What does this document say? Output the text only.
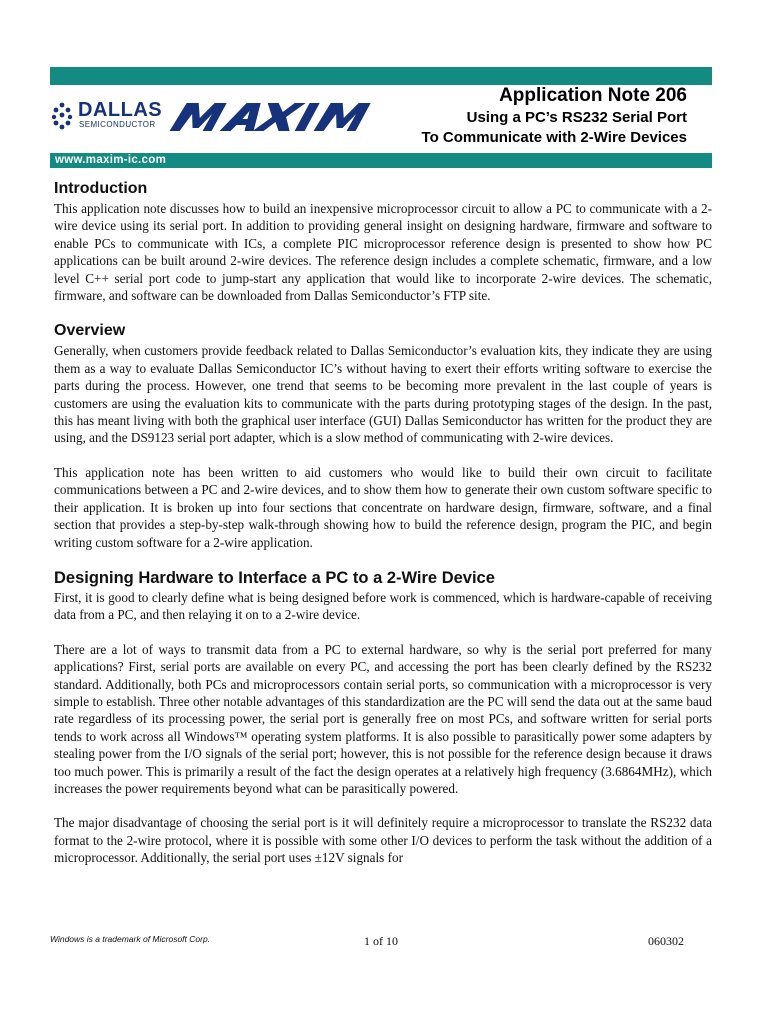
DALLAS
SEMICONDUCTOR
Application Note 206
Using a PC’s RS232 Serial Port
To Communicate with 2-Wire Devices
www.maxim-ic.com
Introduction

This application note discusses how to build an inexpensive microprocessor circuit to allow a PC to communicate with a 2-wire device using its serial port. In addition to providing general insight on designing hardware, firmware and software to enable PCs to communicate with ICs, a complete PIC microprocessor reference design is presented to show how PC applications can be built around 2-wire devices. The reference design includes a complete schematic, firmware, and a low level C++ serial port code to jump-start any application that would like to incorporate 2-wire devices. The schematic, firmware, and software can be downloaded from Dallas Semiconductor’s FTP site.

Overview

Generally, when customers provide feedback related to Dallas Semiconductor’s evaluation kits, they indicate they are using them as a way to evaluate Dallas Semiconductor IC’s without having to exert their efforts writing software to exercise the parts during the process. However, one trend that seems to be becoming more prevalent in the last couple of years is customers are using the evaluation kits to communicate with the parts during prototyping stages of the design. In the past, this has meant living with both the graphical user interface (GUI) Dallas Semiconductor has written for the product they are using, and the DS9123 serial port adapter, which is a slow method of communicating with 2-wire devices.

This application note has been written to aid customers who would like to build their own circuit to facilitate communications between a PC and 2-wire devices, and to show them how to generate their own custom software specific to their application. It is broken up into four sections that concentrate on hardware design, firmware, software, and a final section that provides a step-by-step walk-through showing how to build the reference design, program the PIC, and begin writing custom software for a 2-wire application.

Designing Hardware to Interface a PC to a 2-Wire Device

First, it is good to clearly define what is being designed before work is commenced, which is hardware-capable of receiving data from a PC, and then relaying it on to a 2-wire device.

There are a lot of ways to transmit data from a PC to external hardware, so why is the serial port preferred for many applications? First, serial ports are available on every PC, and accessing the port has been clearly defined by the RS232 standard. Additionally, both PCs and microprocessors contain serial ports, so communication with a microprocessor is very simple to establish. Three other notable advantages of this standardization are the PC will send the data out at the same baud rate regardless of its processing power, the serial port is generally free on most PCs, and software written for serial ports tends to work across all Windows™ operating system platforms. It is also possible to parasitically power some adapters by stealing power from the I/O signals of the serial port; however, this is not possible for the reference design because it draws too much power. This is primarily a result of the fact the design operates at a relatively high frequency (3.6864MHz), which increases the power requirements beyond what can be parasitically powered.

The major disadvantage of choosing the serial port is it will definitely require a microprocessor to translate the RS232 data format to the 2-wire protocol, where it is possible with some other I/O devices to perform the task without the addition of a microprocessor. Additionally, the serial port uses ±12V signals for

Windows is a trademark of Microsoft Corp.	1 of 10	060302
